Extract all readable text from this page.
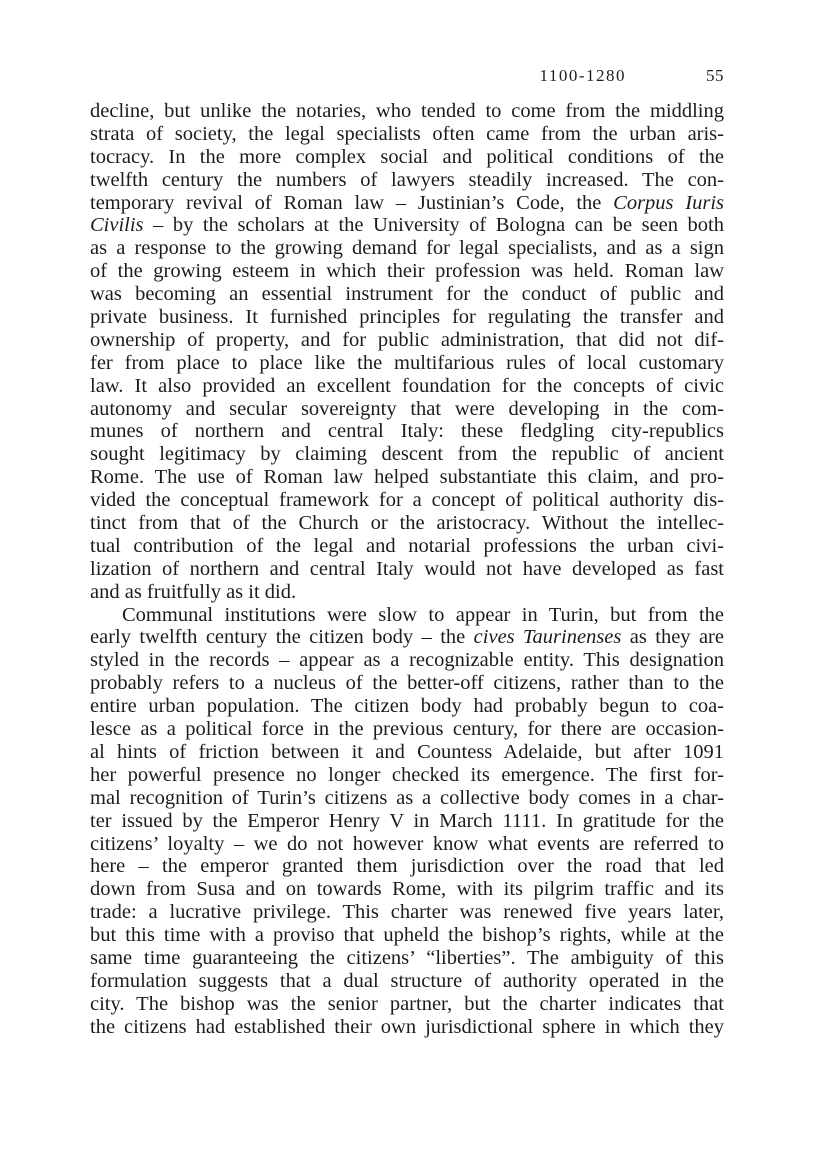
1100-1280	55
decline, but unlike the notaries, who tended to come from the middling
strata of society, the legal specialists often came from the urban aris-
tocracy. In the more complex social and political conditions of the
twelfth century the numbers of lawyers steadily increased. The con-
temporary revival of Roman law – Justinian’s Code, the Corpus Iuris
Civilis – by the scholars at the University of Bologna can be seen both
as a response to the growing demand for legal specialists, and as a sign
of the growing esteem in which their profession was held. Roman law
was becoming an essential instrument for the conduct of public and
private business. It furnished principles for regulating the transfer and
ownership of property, and for public administration, that did not dif-
fer from place to place like the multifarious rules of local customary
law. It also provided an excellent foundation for the concepts of civic
autonomy and secular sovereignty that were developing in the com-
munes of northern and central Italy: these fledgling city-republics
sought legitimacy by claiming descent from the republic of ancient
Rome. The use of Roman law helped substantiate this claim, and pro-
vided the conceptual framework for a concept of political authority dis-
tinct from that of the Church or the aristocracy. Without the intellec-
tual contribution of the legal and notarial professions the urban civi-
lization of northern and central Italy would not have developed as fast
and as fruitfully as it did.
Communal institutions were slow to appear in Turin, but from the
early twelfth century the citizen body – the cives Taurinenses as they are
styled in the records – appear as a recognizable entity. This designation
probably refers to a nucleus of the better-off citizens, rather than to the
entire urban population. The citizen body had probably begun to coa-
lesce as a political force in the previous century, for there are occasion-
al hints of friction between it and Countess Adelaide, but after 1091
her powerful presence no longer checked its emergence. The first for-
mal recognition of Turin’s citizens as a collective body comes in a char-
ter issued by the Emperor Henry V in March 1111. In gratitude for the
citizens’ loyalty – we do not however know what events are referred to
here – the emperor granted them jurisdiction over the road that led
down from Susa and on towards Rome, with its pilgrim traffic and its
trade: a lucrative privilege. This charter was renewed five years later,
but this time with a proviso that upheld the bishop’s rights, while at the
same time guaranteeing the citizens’ “liberties”. The ambiguity of this
formulation suggests that a dual structure of authority operated in the
city. The bishop was the senior partner, but the charter indicates that
the citizens had established their own jurisdictional sphere in which they
